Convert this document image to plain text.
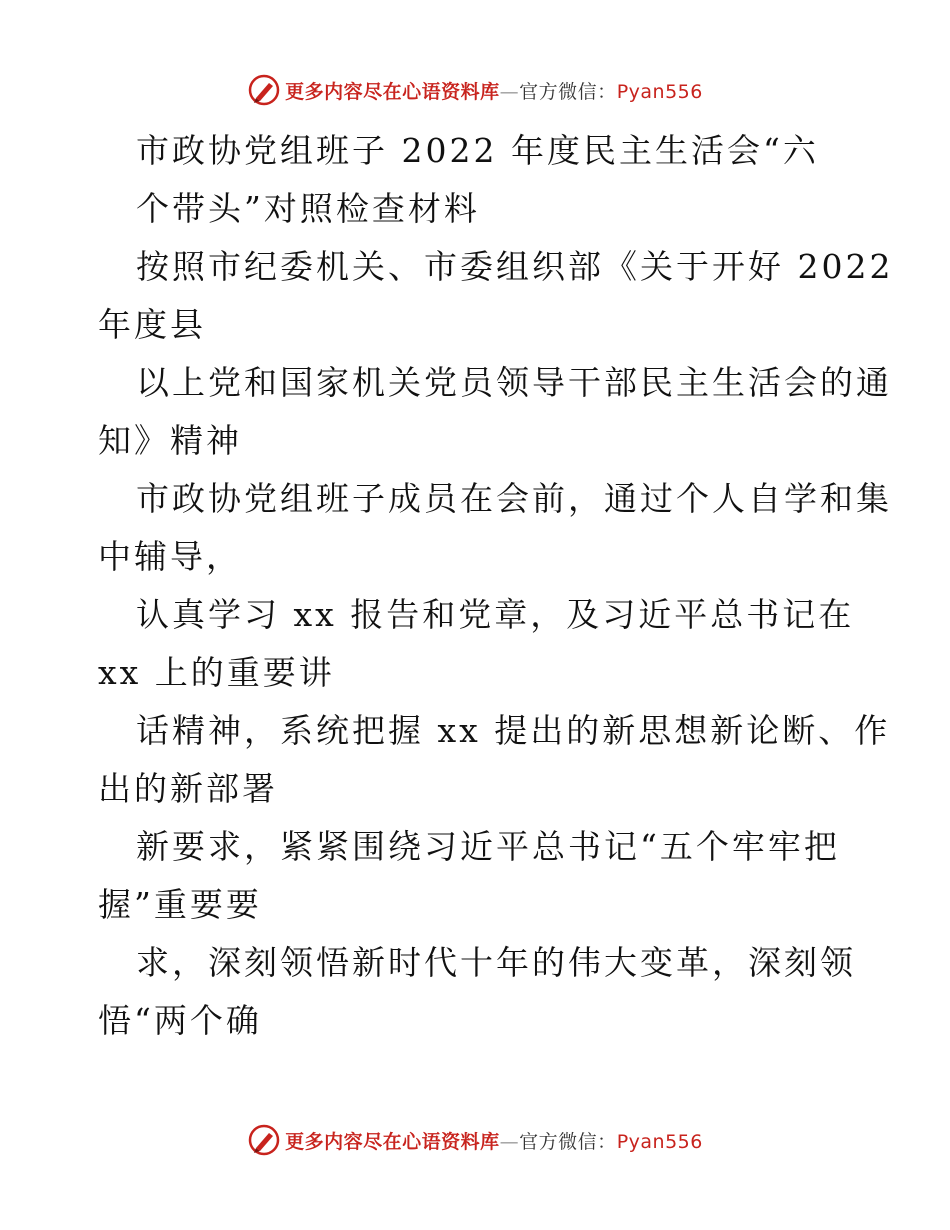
更多内容尽在心语资料库—官方微信：Pyan556
市政协党组班子 2022 年度民主生活会“六
个带头”对照检查材料
按照市纪委机关、市委组织部《关于开好 2022
年度县
以上党和国家机关党员领导干部民主生活会的通
知》精神
市政协党组班子成员在会前，通过个人自学和集
中辅导，
认真学习 xx 报告和党章，及习近平总书记在
xx 上的重要讲
话精神，系统把握 xx 提出的新思想新论断、作
出的新部署
新要求，紧紧围绕习近平总书记“五个牢牢把
握”重要要
求，深刻领悟新时代十年的伟大变革，深刻领
悟“两个确
更多内容尽在心语资料库—官方微信：Pyan556
